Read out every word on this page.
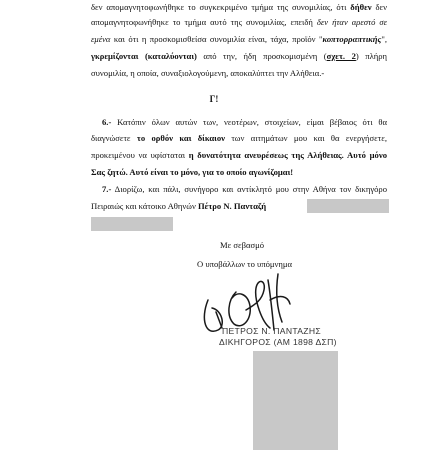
δεν απομαγνητοφωνήθηκε το συγκεκριμένο τμήμα της συνομιλίας, ότι δήθεν δεν
απομαγνητοφωνήθηκε το τμήμα αυτό της συνομιλίας, επειδή δεν ήταν αρεστό σε
εμένα και ότι η προσκομισθείσα συνομιλία είναι, τάχα, προϊόν "κοπτορραπτικής",
γκρεμίζονται (καταλύονται) από την, ήδη προσκομισμένη (σχετ. 2) πλήρη
συνομιλία, η οποία, συναξιολογούμενη, αποκαλύπτει την Αλήθεια.-
Γ!
6.- Κατόπιν όλων αυτών των, νεοτέρων, στοιχείων, είμαι βέβαιος ότι θα
διαγνώσετε το ορθόν και δίκαιον των αιτημάτων μου και θα ενεργήσετε,
προκειμένου να υφίσταται η δυνατότητα ανευρέσεως της Αλήθειας. Αυτό μόνο
Σας ζητώ. Αυτό είναι το μόνο, για το οποίο αγωνίζομαι!
7.- Διορίζω, και πάλι, συνήγορο και αντίκλητό μου στην Αθήνα τον δικηγόρο
Πειραιώς και κάτοικο Αθηνών Πέτρο Ν. Πανταζή
Με σεβασμό
Ο υποβάλλων το υπόμνημα
ΠΕΤΡΟΣ Ν. ΠΑΝΤΑΖΗΣ
ΔΙΚΗΓΟΡΟΣ (ΑΜ 1898 ΔΣΠ)
